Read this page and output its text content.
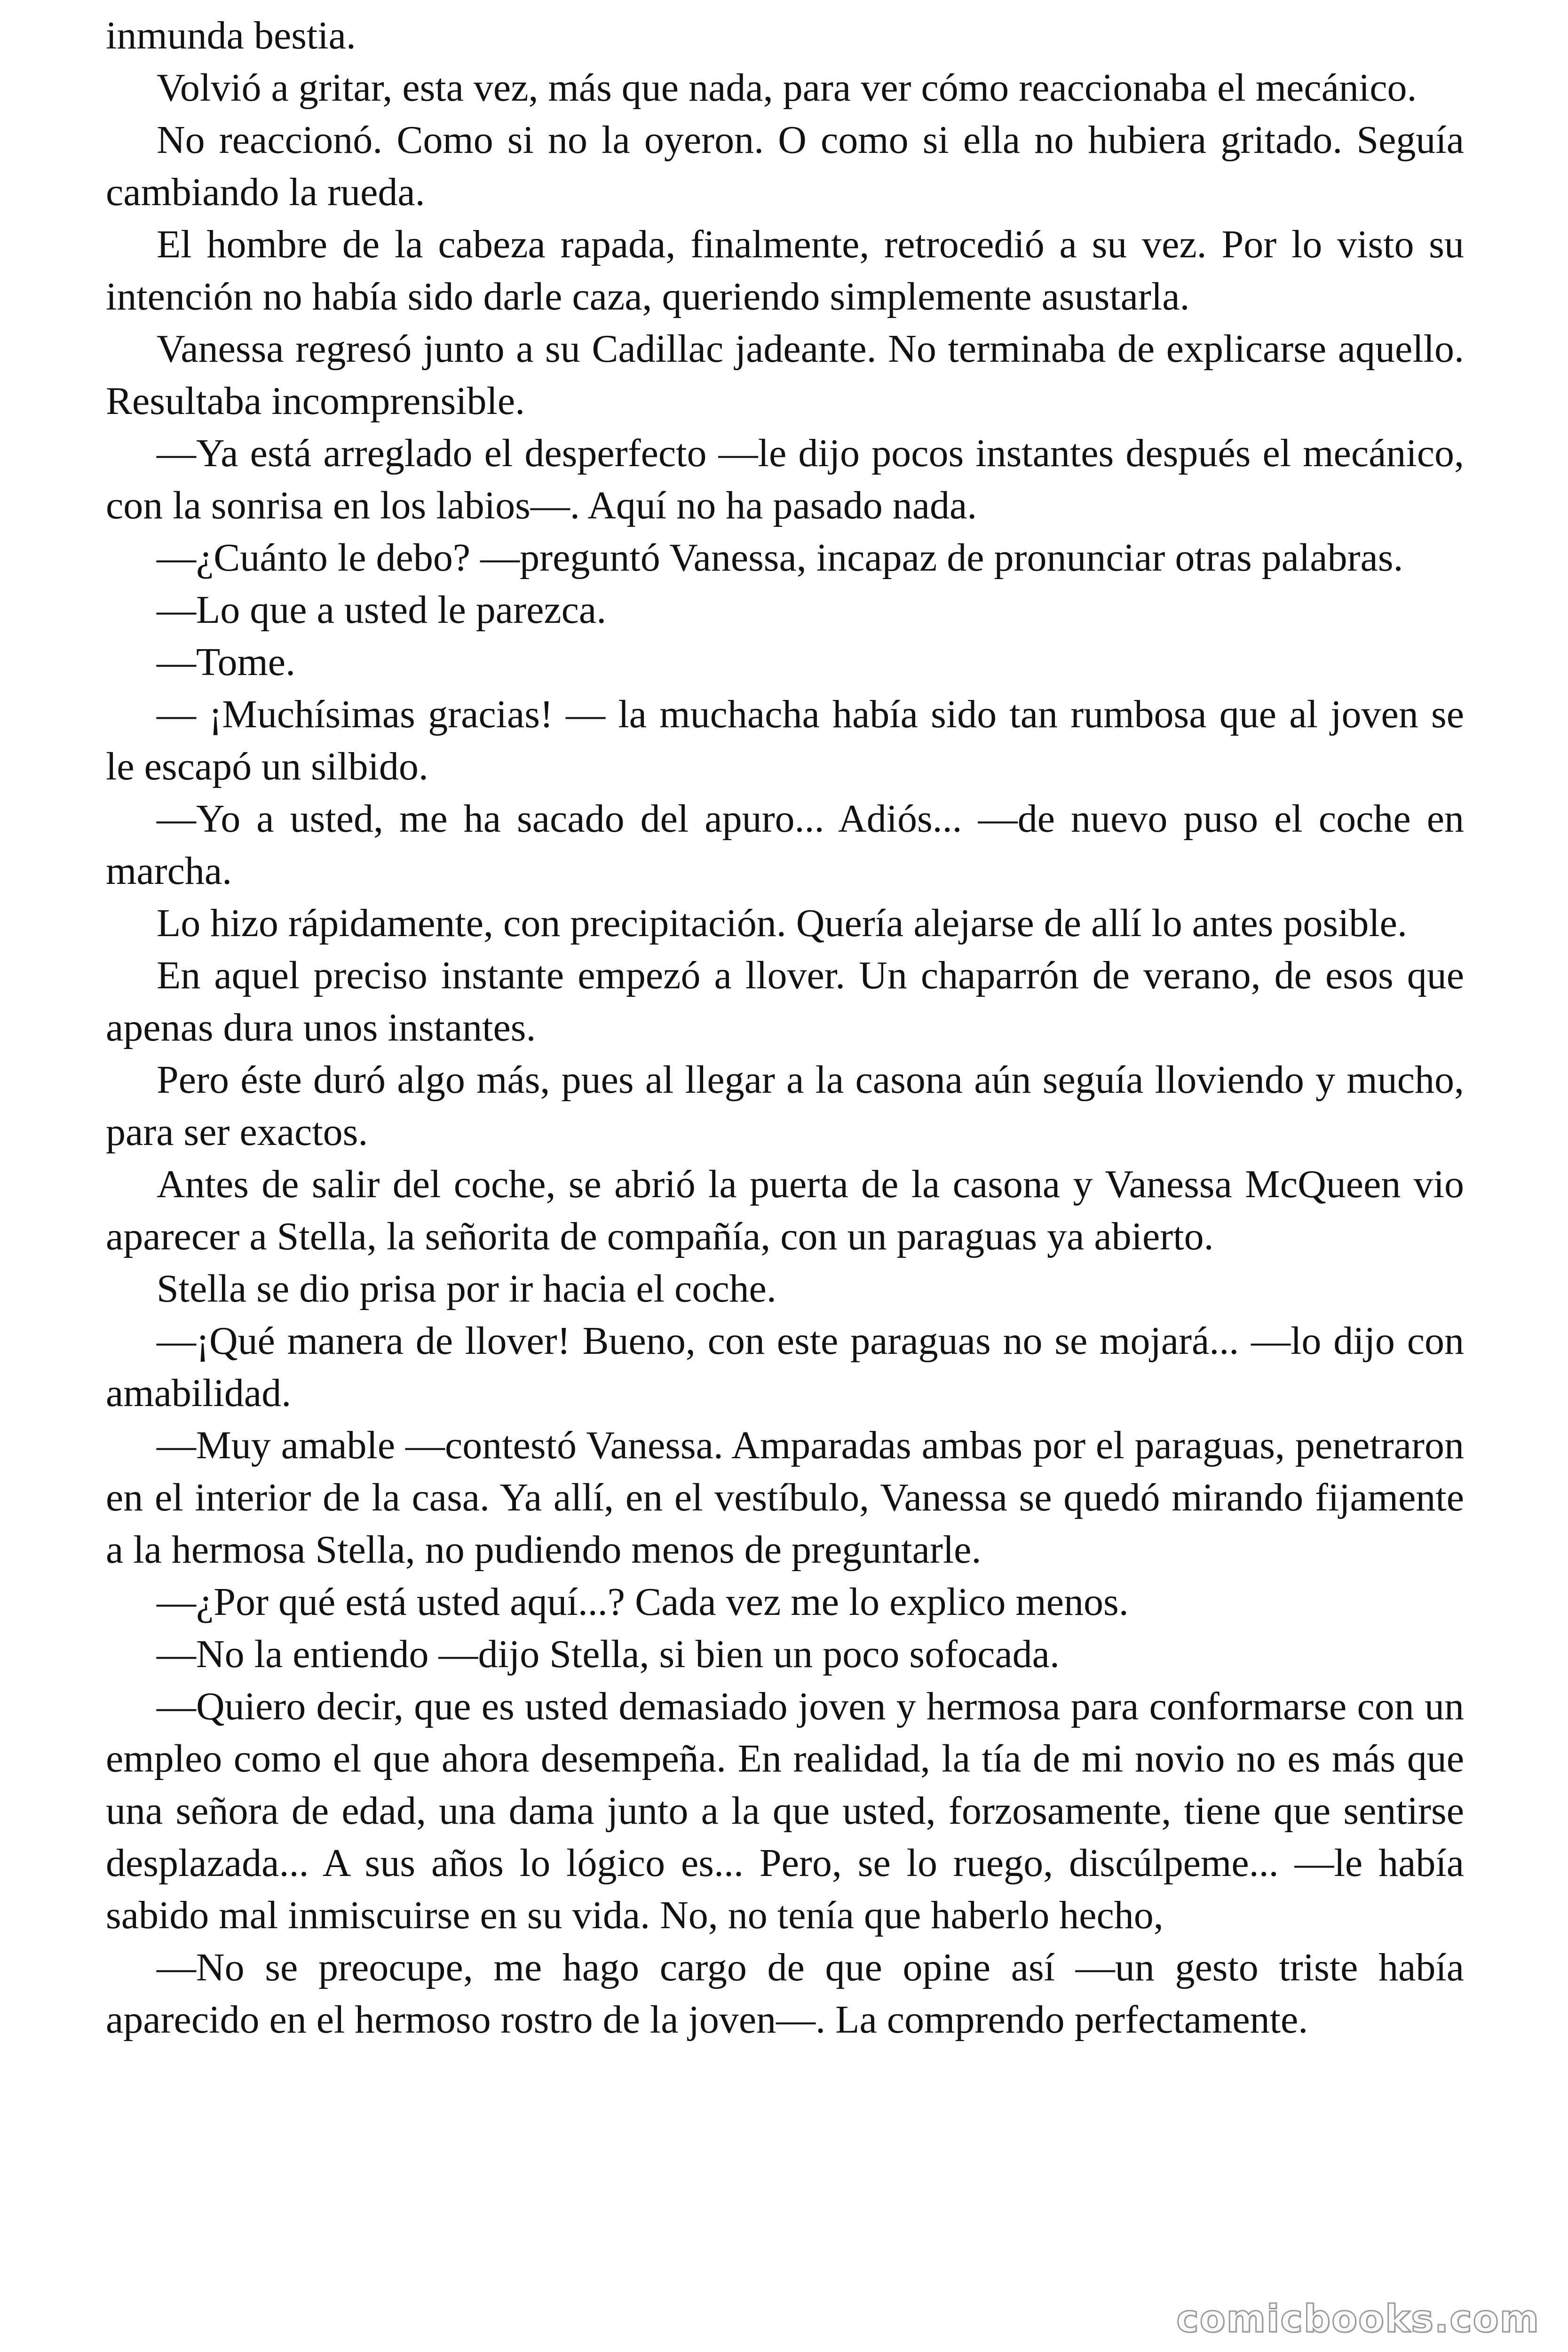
inmunda bestia.

Volvió a gritar, esta vez, más que nada, para ver cómo reaccionaba el mecánico.

No reaccionó. Como si no la oyeron. O como si ella no hubiera gritado. Seguía cambiando la rueda.

El hombre de la cabeza rapada, finalmente, retrocedió a su vez. Por lo visto su intención no había sido darle caza, queriendo simplemente asustarla.

Vanessa regresó junto a su Cadillac jadeante. No terminaba de explicarse aquello. Resultaba incomprensible.

—Ya está arreglado el desperfecto —le dijo pocos instantes después el mecánico, con la sonrisa en los labios—. Aquí no ha pasado nada.

—¿Cuánto le debo? —preguntó Vanessa, incapaz de pronunciar otras palabras.

—Lo que a usted le parezca.

—Tome.

— ¡Muchísimas gracias! — la muchacha había sido tan rumbosa que al joven se le escapó un silbido.

—Yo a usted, me ha sacado del apuro... Adiós... —de nuevo puso el coche en marcha.

Lo hizo rápidamente, con precipitación. Quería alejarse de allí lo antes posible.

En aquel preciso instante empezó a llover. Un chaparrón de verano, de esos que apenas dura unos instantes.

Pero éste duró algo más, pues al llegar a la casona aún seguía lloviendo y mucho, para ser exactos.

Antes de salir del coche, se abrió la puerta de la casona y Vanessa McQueen vio aparecer a Stella, la señorita de compañía, con un paraguas ya abierto.

Stella se dio prisa por ir hacia el coche.

—¡Qué manera de llover! Bueno, con este paraguas no se mojará... —lo dijo con amabilidad.

—Muy amable —contestó Vanessa. Amparadas ambas por el paraguas, penetraron en el interior de la casa. Ya allí, en el vestíbulo, Vanessa se quedó mirando fijamente a la hermosa Stella, no pudiendo menos de preguntarle.

—¿Por qué está usted aquí...? Cada vez me lo explico menos.

—No la entiendo —dijo Stella, si bien un poco sofocada.

—Quiero decir, que es usted demasiado joven y hermosa para conformarse con un empleo como el que ahora desempeña. En realidad, la tía de mi novio no es más que una señora de edad, una dama junto a la que usted, forzosamente, tiene que sentirse desplazada... A sus años lo lógico es... Pero, se lo ruego, discúlpeme... —le había sabido mal inmiscuirse en su vida. No, no tenía que haberlo hecho,

—No se preocupe, me hago cargo de que opine así —un gesto triste había aparecido en el hermoso rostro de la joven—. La comprendo perfectamente.

comicbooks.com
